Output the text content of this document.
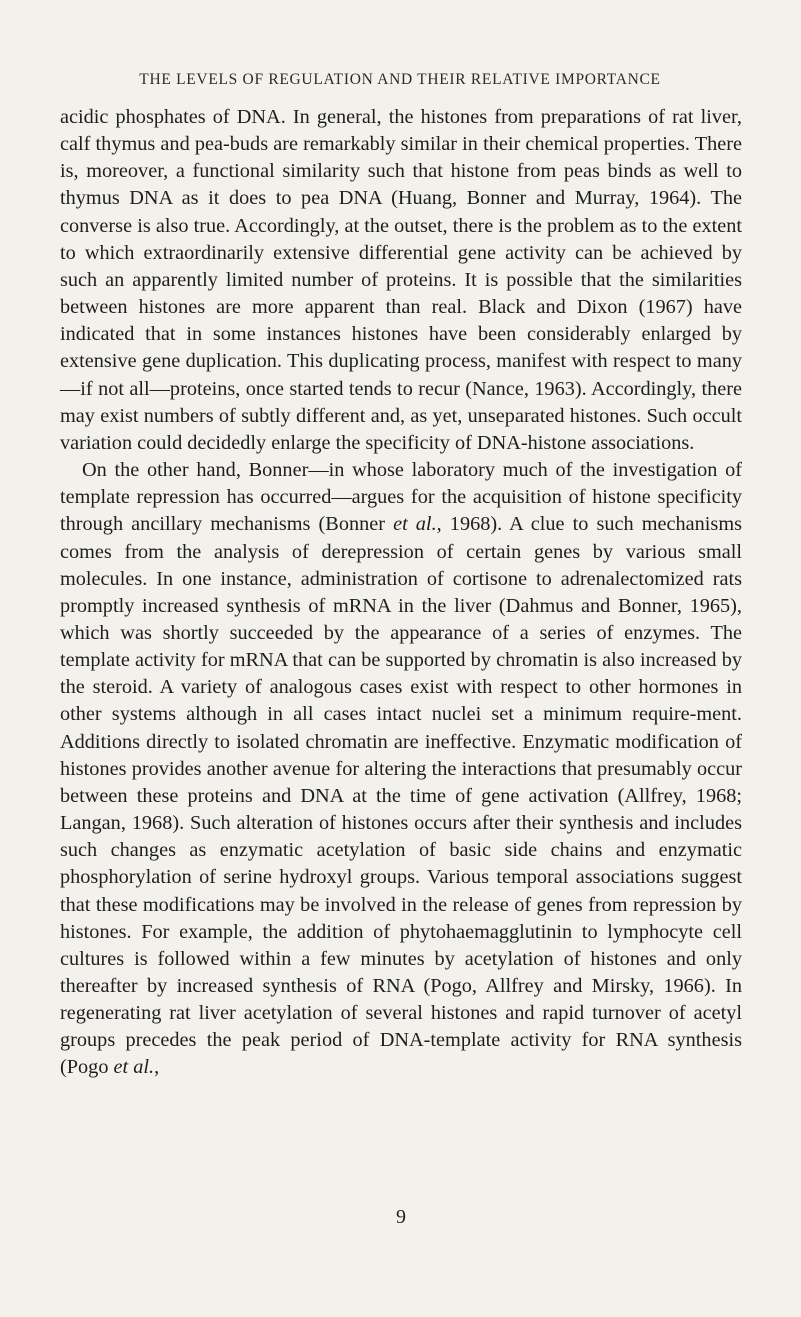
THE LEVELS OF REGULATION AND THEIR RELATIVE IMPORTANCE

acidic phosphates of DNA. In general, the histones from preparations of rat liver, calf thymus and pea-buds are remarkably similar in their chemical properties. There is, moreover, a functional similarity such that histone from peas binds as well to thymus DNA as it does to pea DNA (Huang, Bonner and Murray, 1964). The converse is also true. Accordingly, at the outset, there is the problem as to the extent to which extraordinarily extensive differential gene activity can be achieved by such an apparently limited number of proteins. It is possible that the similarities between histones are more apparent than real. Black and Dixon (1967) have indicated that in some instances histones have been considerably enlarged by extensive gene duplication. This duplicating process, manifest with respect to many—if not all—proteins, once started tends to recur (Nance, 1963). Accordingly, there may exist numbers of subtly different and, as yet, unseparated histones. Such occult variation could decidedly enlarge the specificity of DNA-histone associations.

On the other hand, Bonner—in whose laboratory much of the investigation of template repression has occurred—argues for the acquisition of histone specificity through ancillary mechanisms (Bonner et al., 1968). A clue to such mechanisms comes from the analysis of derepression of certain genes by various small molecules. In one instance, administration of cortisone to adrenalectomized rats promptly increased synthesis of mRNA in the liver (Dahmus and Bonner, 1965), which was shortly succeeded by the appearance of a series of enzymes. The template activity for mRNA that can be supported by chromatin is also increased by the steroid. A variety of analogous cases exist with respect to other hormones in other systems although in all cases intact nuclei set a minimum require-ment. Additions directly to isolated chromatin are ineffective. Enzymatic modification of histones provides another avenue for altering the interactions that presumably occur between these proteins and DNA at the time of gene activation (Allfrey, 1968; Langan, 1968). Such alteration of histones occurs after their synthesis and includes such changes as enzymatic acetylation of basic side chains and enzymatic phosphorylation of serine hydroxyl groups. Various temporal associations suggest that these modifications may be involved in the release of genes from repression by histones. For example, the addition of phytohaemagglutinin to lymphocyte cell cultures is followed within a few minutes by acetylation of histones and only thereafter by increased synthesis of RNA (Pogo, Allfrey and Mirsky, 1966). In regenerating rat liver acetylation of several histones and rapid turnover of acetyl groups precedes the peak period of DNA-template activity for RNA synthesis (Pogo et al.,

9
